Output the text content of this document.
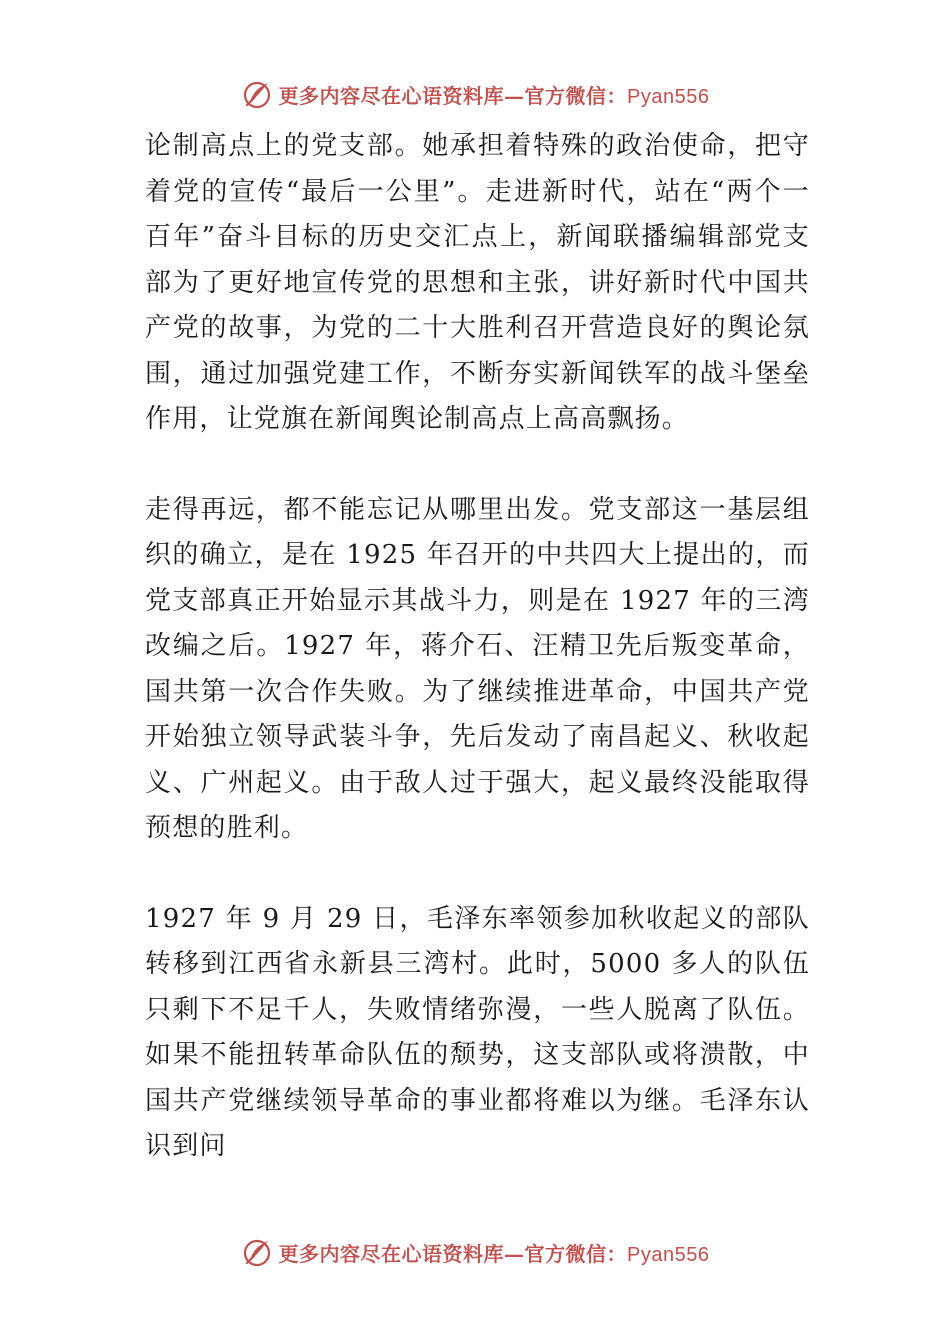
更多内容尽在心语资料库—官方微信：Pyan556

论制高点上的党支部。她承担着特殊的政治使命，把守着党的宣传“最后一公里”。走进新时代，站在“两个一百年”奋斗目标的历史交汇点上，新闻联播编辑部党支部为了更好地宣传党的思想和主张，讲好新时代中国共产党的故事，为党的二十大胜利召开营造良好的舆论氛围，通过加强党建工作，不断夯实新闻铁军的战斗堡垒作用，让党旗在新闻舆论制高点上高高飘扬。

走得再远，都不能忘记从哪里出发。党支部这一基层组织的确立，是在 1925 年召开的中共四大上提出的，而党支部真正开始显示其战斗力，则是在 1927 年的三湾改编之后。1927 年，蒋介石、汪精卫先后叛变革命，国共第一次合作失败。为了继续推进革命，中国共产党开始独立领导武装斗争，先后发动了南昌起义、秋收起义、广州起义。由于敌人过于强大，起义最终没能取得预想的胜利。

1927 年 9 月 29 日，毛泽东率领参加秋收起义的部队转移到江西省永新县三湾村。此时，5000 多人的队伍只剩下不足千人，失败情绪弥漫，一些人脱离了队伍。如果不能扭转革命队伍的颓势，这支部队或将溃散，中国共产党继续领导革命的事业都将难以为继。毛泽东认识到问

更多内容尽在心语资料库—官方微信：Pyan556
